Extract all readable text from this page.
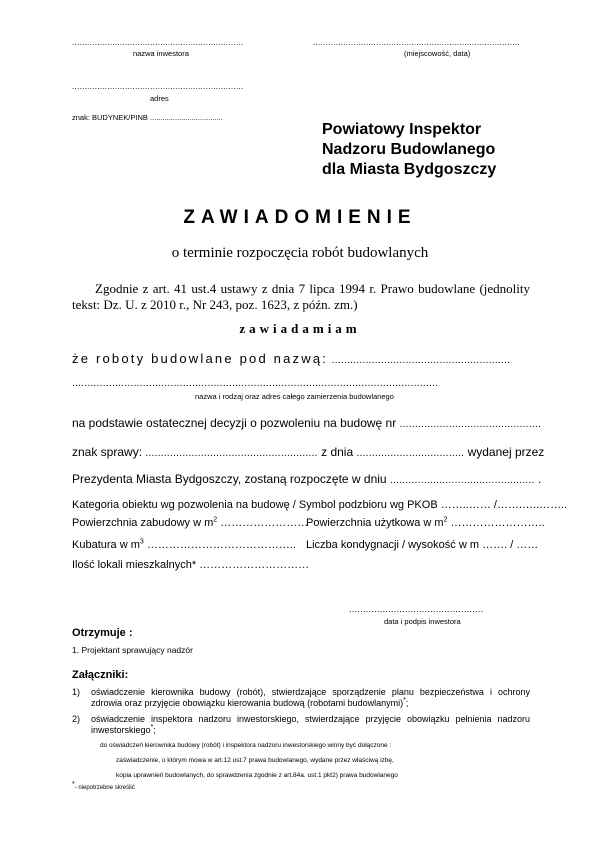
....................................................................
nazwa inwestora
..................................................................................
(miejscowość, data)
....................................................................
adres
znak: BUDYNEK/PINB ...................................
Powiatowy Inspektor
Nadzoru Budowlanego
dla Miasta Bydgoszczy
ZAWIADOMIENIE
o terminie rozpoczęcia robót budowlanych
Zgodnie z art. 41 ust.4 ustawy z dnia 7 lipca 1994 r. Prawo budowlane (jednolity tekst: Dz. U. z 2010 r., Nr 243, poz. 1623, z późn. zm.)
zawiadamiam
że roboty budowlane pod nazwą: ..........................................................
.......................................................................................................................
nazwa i rodzaj oraz adres całego zamierzenia budowlanego
na podstawie ostatecznej decyzji o pozwoleniu na budowę nr ..............................................
znak sprawy: ........................................................ z dnia ................................... wydanej przez
Prezydenta Miasta Bydgoszczy, zostaną rozpoczęte w dniu ............................................... .
Kategoria obiektu wg pozwolenia na budowę / Symbol podzbioru wg PKOB ……..…… /…….…..……..
Powierzchnia zabudowy w $m^2$ ……………………
Powierzchnia użytkowa w $m^2$ ……………………..
Kubatura w $m^3$ ………………………………….. Liczba kondygnacji / wysokość w m ……. / ……
Ilość lokali mieszkalnych* …………………………
................................................
data i podpis inwestora
Otrzymuje :
1. Projektant sprawujący nadzór
Załączniki:
1) oświadczenie kierownika budowy (robót), stwierdzające sporządzenie planu bezpieczeństwa i ochrony zdrowia oraz przyjęcie obowiązku kierowania budową (robotami budowlanymi)*;
2) oświadczenie inspektora nadzoru inwestorskiego, stwierdzające przyjęcie obowiązku pełnienia nadzoru inwestorskiego*;
do oświadczeń kierownika budowy (robót) i inspektora nadzoru inwestorskiego winny być dołączone :
zaświadczenie, o którym mowa w art.12 ust.7 prawa budowlanego, wydane przez właściwą izbę,
kopia uprawnień budowlanych, do sprawdzenia zgodnie z art.84a. ust.1 pkt2) prawa budowlanego
*- niepotrzebne skreślić
